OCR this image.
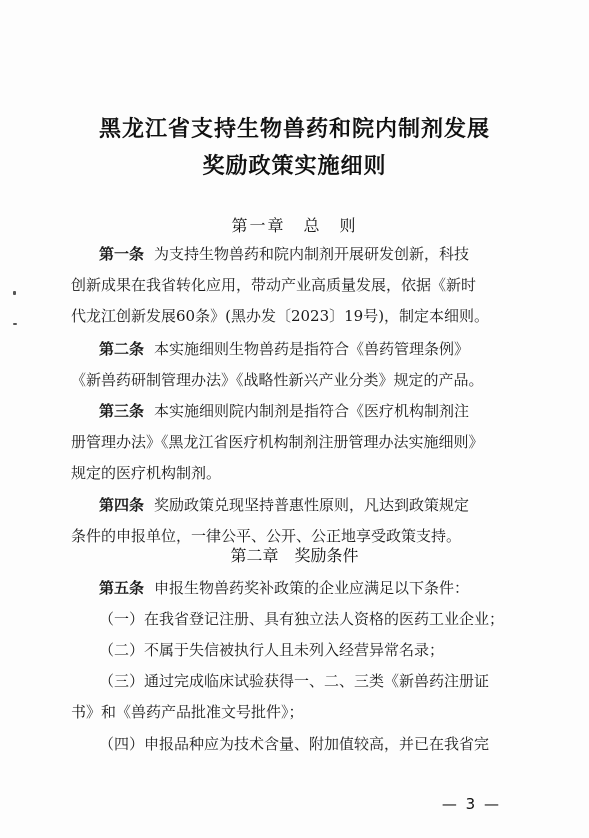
黑龙江省支持生物兽药和院内制剂发展
奖励政策实施细则
第一章　总　则
第一条 为支持生物兽药和院内制剂开展研发创新，科技
创新成果在我省转化应用，带动产业高质量发展，依据《新时
代龙江创新发展60条》(黑办发〔2023〕19号)，制定本细则。
第二条 本实施细则生物兽药是指符合《兽药管理条例》
《新兽药研制管理办法》《战略性新兴产业分类》规定的产品。
第三条 本实施细则院内制剂是指符合《医疗机构制剂注
册管理办法》《黑龙江省医疗机构制剂注册管理办法实施细则》
规定的医疗机构制剂。
第四条 奖励政策兑现坚持普惠性原则，凡达到政策规定
条件的申报单位，一律公平、公开、公正地享受政策支持。
第二章　奖励条件
第五条 申报生物兽药奖补政策的企业应满足以下条件：
（一）在我省登记注册、具有独立法人资格的医药工业企业；
（二）不属于失信被执行人且未列入经营异常名录；
（三）通过完成临床试验获得一、二、三类《新兽药注册证
书》和《兽药产品批准文号批件》；
（四）申报品种应为技术含量、附加值较高，并已在我省完
— 3 —
